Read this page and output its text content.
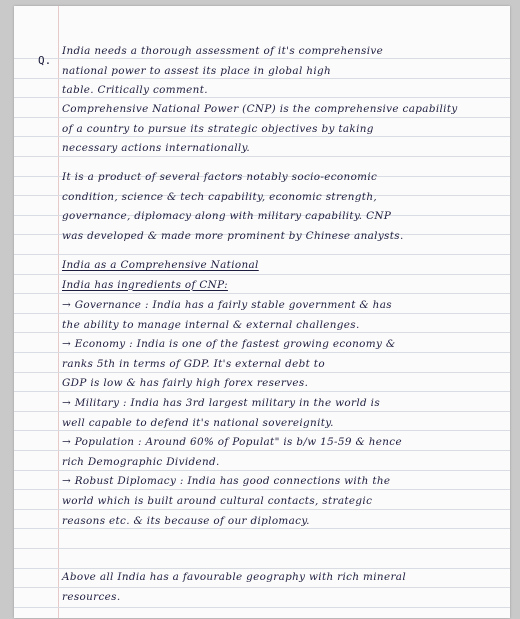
Q.

India needs a thorough assessment of it's comprehensive

national power to assest its place in global high

table. Critically comment.

Comprehensive National Power (CNP) is the comprehensive capability

of a country to pursue its strategic objectives by taking

necessary actions internationally.

It is a product of several factors notably socio-economic

condition, science & tech capability, economic strength,

governance, diplomacy along with military capability. CNP

was developed & made more prominent by Chinese analysts.

India as a Comprehensive National

India has ingredients of CNP:

→ Governance : India has a fairly stable government & has

the ability to manage internal & external challenges.

→ Economy : India is one of the fastest growing economy &

ranks 5th in terms of GDP. It's external debt to

GDP is low & has fairly high forex reserves.

→ Military : India has 3rd largest military in the world is

well capable to defend it's national sovereignity.

→ Population : Around 60% of Populat" is b/w 15-59 & hence

rich Demographic Dividend.

→ Robust Diplomacy : India has good connections with the

world which is built around cultural contacts, strategic

reasons etc. & its because of our diplomacy.

Above all India has a favourable geography with rich mineral

resources.
